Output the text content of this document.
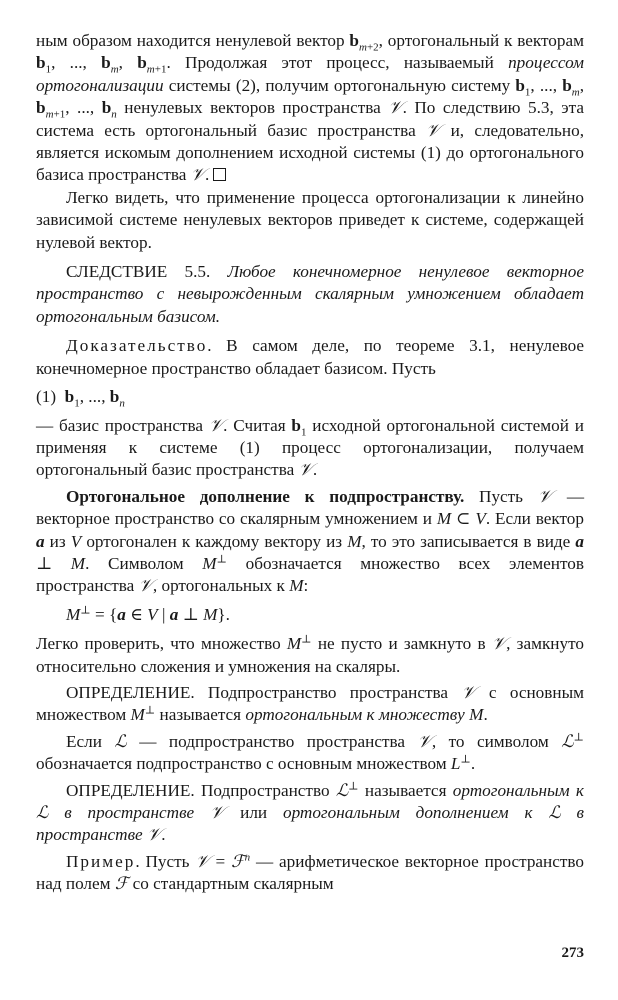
ным образом находится ненулевой вектор $b_{m+2}$, ортогональный к векторам $b_1$, ..., $b_m$, $b_{m+1}$. Продолжая этот процесс, называемый процессом ортогонализации системы (2), получим ортогональную систему $b_1$, ..., $b_m$, $b_{m+1}$, ..., $b_n$ ненулевых векторов пространства 𝒱. По следствию 5.3, эта система есть ортогональный базис пространства 𝒱 и, следовательно, является искомым дополнением исходной системы (1) до ортогонального базиса пространства 𝒱.

Легко видеть, что применение процесса ортогонализации к линейно зависимой системе ненулевых векторов приведет к системе, содержащей нулевой вектор.

СЛЕДСТВИЕ 5.5. Любое конечномерное ненулевое векторное пространство с невырожденным скалярным умножением обладает ортогональным базисом.

Доказательство. В самом деле, по теореме 3.1, ненулевое конечномерное пространство обладает базисом. Пусть

(1)  $b_1$, ..., $b_n$

— базис пространства 𝒱. Считая $b_1$ исходной ортогональной системой и применяя к системе (1) процесс ортогонализации, получаем ортогональный базис пространства 𝒱.

Ортогональное дополнение к подпространству. Пусть 𝒱 — векторное пространство со скалярным умножением и M ⊂ V. Если вектор a из V ортогонален к каждому вектору из M, то это записывается в виде a ⊥ M. Символом M⊥ обозначается множество всех элементов пространства 𝒱, ортогональных к M:

M⊥ = {a ∈ V | a ⊥ M}.

Легко проверить, что множество M⊥ не пусто и замкнуто в 𝒱, замкнуто относительно сложения и умножения на скаляры.

ОПРЕДЕЛЕНИЕ. Подпространство пространства 𝒱 с основным множеством M⊥ называется ортогональным к множеству M.

Если ℒ — подпространство пространства 𝒱, то символом ℒ⊥ обозначается подпространство с основным множеством L⊥.

ОПРЕДЕЛЕНИЕ. Подпространство ℒ⊥ называется ортогональным к ℒ в пространстве 𝒱 или ортогональным дополнением к ℒ в пространстве 𝒱.

Пример. Пусть 𝒱 = ℱ$^n$ — арифметическое векторное пространство над полем ℱ со стандартным скалярным

273
